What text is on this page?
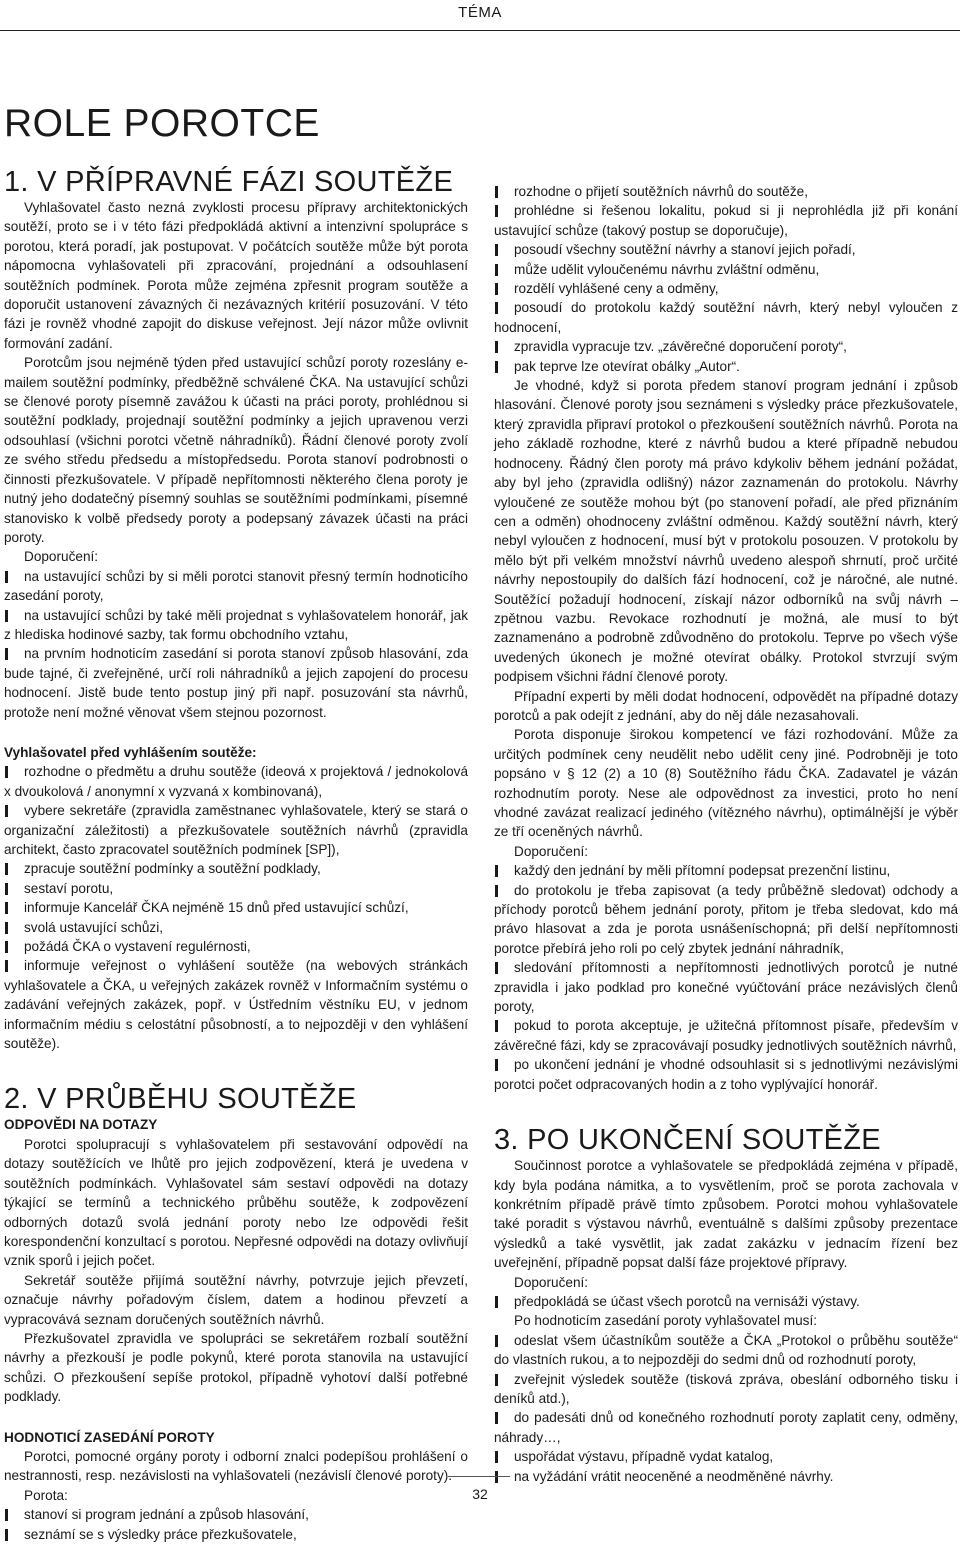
TÉMA
ROLE POROTCE
1. V PŘÍPRAVNÉ FÁZI SOUTĚŽE

Vyhlašovatel často nezná zvyklosti procesu přípravy architektonických soutěží, proto se i v této fázi předpokládá aktivní a intenzivní spolupráce s porotou, která poradí, jak postupovat. V počátcích soutěže může být porota nápomocna vyhlašovateli při zpracování, projednání a odsouhlasení soutěžních podmínek. Porota může zejména zpřesnit program soutěže a doporučit ustanovení závazných či nezávazných kritérií posuzování. V této fázi je rovněž vhodné zapojit do diskuse veřejnost. Její názor může ovlivnit formování zadání.

Porotcům jsou nejméně týden před ustavující schůzí poroty rozeslány e-mailem soutěžní podmínky, předběžně schválené ČKA. Na ustavující schůzi se členové poroty písemně zavážou k účasti na práci poroty, prohlédnou si soutěžní podklady, projednají soutěžní podmínky a jejich upravenou verzi odsouhlasí (všichni porotci včetně náhradníků). Řádní členové poroty zvolí ze svého středu předsedu a místopředsedu. Porota stanoví podrobnosti o činnosti přezkušovatele. V případě nepřítomnosti některého člena poroty je nutný jeho dodatečný písemný souhlas se soutěžními podmínkami, písemné stanovisko k volbě předsedy poroty a podepsaný závazek účasti na práci poroty.

Doporučení:

na ustavující schůzi by si měli porotci stanovit přesný termín hodnoticího zasedání poroty,
na ustavující schůzi by také měli projednat s vyhlašovatelem honorář, jak z hlediska hodinové sazby, tak formu obchodního vztahu,
na prvním hodnoticím zasedání si porota stanoví způsob hlasování, zda bude tajné, či zveřejněné, určí roli náhradníků a jejich zapojení do procesu hodnocení. Jistě bude tento postup jiný při např. posuzování sta návrhů, protože není možné věnovat všem stejnou pozornost.

Vyhlašovatel před vyhlášením soutěže:

rozhodne o předmětu a druhu soutěže (ideová x projektová / jednokolová x dvoukolová / anonymní x vyzvaná x kombinovaná),
vybere sekretáře (zpravidla zaměstnanec vyhlašovatele, který se stará o organizační záležitosti) a přezkušovatele soutěžních návrhů (zpravidla architekt, často zpracovatel soutěžních podmínek [SP]),
zpracuje soutěžní podmínky a soutěžní podklady,
sestaví porotu,
informuje Kancelář ČKA nejméně 15 dnů před ustavující schůzí,
svolá ustavující schůzi,
požádá ČKA o vystavení regulérnosti,
informuje veřejnost o vyhlášení soutěže (na webových stránkách vyhlašovatele a ČKA, u veřejných zakázek rovněž v Informačním systému o zadávání veřejných zakázek, popř. v Ústředním věstníku EU, v jednom informačním médiu s celostátní působností, a to nejpozději v den vyhlášení soutěže).
2. V PRŮBĚHU SOUTĚŽE

ODPOVĚDI NA DOTAZY

Porotci spolupracují s vyhlašovatelem při sestavování odpovědí na dotazy soutěžících ve lhůtě pro jejich zodpovězení, která je uvedena v soutěžních podmínkách. Vyhlašovatel sám sestaví odpovědi na dotazy týkající se termínů a technického průběhu soutěže, k zodpovězení odborných dotazů svolá jednání poroty nebo lze odpovědi řešit korespondenční konzultací s porotou. Nepřesné odpovědi na dotazy ovlivňují vznik sporů i jejich počet.

Sekretář soutěže přijímá soutěžní návrhy, potvrzuje jejich převzetí, označuje návrhy pořadovým číslem, datem a hodinou převzetí a vypracovává seznam doručených soutěžních návrhů.

Přezkušovatel zpravidla ve spolupráci se sekretářem rozbalí soutěžní návrhy a přezkouší je podle pokynů, které porota stanovila na ustavující schůzi. O přezkoušení sepíše protokol, případně vyhotoví další potřebné podklady.

HODNOTICÍ ZASEDÁNÍ POROTY

Porotci, pomocné orgány poroty i odborní znalci podepíšou prohlášení o nestrannosti, resp. nezávislosti na vyhlašovateli (nezávislí členové poroty).

Porota:

stanoví si program jednání a způsob hlasování,
seznámí se s výsledky práce přezkušovatele,
rozhodne o přijetí soutěžních návrhů do soutěže,
prohlédne si řešenou lokalitu, pokud si ji neprohlédla již při konání ustavující schůze (takový postup se doporučuje),
posoudí všechny soutěžní návrhy a stanoví jejich pořadí,
může udělit vyloučenému návrhu zvláštní odměnu,
rozdělí vyhlášené ceny a odměny,
posoudí do protokolu každý soutěžní návrh, který nebyl vyloučen z hodnocení,
zpravidla vypracuje tzv. „závěrečné doporučení poroty“,
pak teprve lze otevírat obálky „Autor“.

Je vhodné, když si porota předem stanoví program jednání i způsob hlasování. Členové poroty jsou seznámeni s výsledky práce přezkušovatele, který zpravidla připraví protokol o přezkoušení soutěžních návrhů. Porota na jeho základě rozhodne, které z návrhů budou a které případně nebudou hodnoceny. Řádný člen poroty má právo kdykoliv během jednání požádat, aby byl jeho (zpravidla odlišný) názor zaznamenán do protokolu. Návrhy vyloučené ze soutěže mohou být (po stanovení pořadí, ale před přiznáním cen a odměn) ohodnoceny zvláštní odměnou. Každý soutěžní návrh, který nebyl vyloučen z hodnocení, musí být v protokolu posouzen. V protokolu by mělo být při velkém množství návrhů uvedeno alespoň shrnutí, proč určité návrhy nepostoupily do dalších fází hodnocení, což je náročné, ale nutné. Soutěžící požadují hodnocení, získají názor odborníků na svůj návrh – zpětnou vazbu. Revokace rozhodnutí je možná, ale musí to být zaznamenáno a podrobně zdůvodněno do protokolu. Teprve po všech výše uvedených úkonech je možné otevírat obálky. Protokol stvrzují svým podpisem všichni řádní členové poroty.

Případní experti by měli dodat hodnocení, odpovědět na případné dotazy porotců a pak odejít z jednání, aby do něj dále nezasahovali.

Porota disponuje širokou kompetencí ve fázi rozhodování. Může za určitých podmínek ceny neudělit nebo udělit ceny jiné. Podrobněji je toto popsáno v § 12 (2) a 10 (8) Soutěžního řádu ČKA. Zadavatel je vázán rozhodnutím poroty. Nese ale odpovědnost za investici, proto ho není vhodné zavázat realizací jediného (vítězného návrhu), optimálnější je výběr ze tří oceněných návrhů.

Doporučení:

každý den jednání by měli přítomní podepsat prezenční listinu,
do protokolu je třeba zapisovat (a tedy průběžně sledovat) odchody a příchody porotců během jednání poroty, přitom je třeba sledovat, kdo má právo hlasovat a zda je porota usnášeníschopná; při delší nepřítomnosti porotce přebírá jeho roli po celý zbytek jednání náhradník,
sledování přítomnosti a nepřítomnosti jednotlivých porotců je nutné zpravidla i jako podklad pro konečné vyúčtování práce nezávislých členů poroty,
pokud to porota akceptuje, je užitečná přítomnost písaře, především v závěrečné fázi, kdy se zpracovávají posudky jednotlivých soutěžních návrhů,
po ukončení jednání je vhodné odsouhlasit si s jednotlivými nezávislými porotci počet odpracovaných hodin a z toho vyplývající honorář.
3. PO UKONČENÍ SOUTĚŽE

Součinnost porotce a vyhlašovatele se předpokládá zejména v případě, kdy byla podána námitka, a to vysvětlením, proč se porota zachovala v konkrétním případě právě tímto způsobem. Porotci mohou vyhlašovatele také poradit s výstavou návrhů, eventuálně s dalšími způsoby prezentace výsledků a také vysvětlit, jak zadat zakázku v jednacím řízení bez uveřejnění, případně popsat další fáze projektové přípravy.

Doporučení:

předpokládá se účast všech porotců na vernisáži výstavy.

Po hodnoticím zasedání poroty vyhlašovatel musí:

odeslat všem účastníkům soutěže a ČKA „Protokol o průběhu soutěže“ do vlastních rukou, a to nejpozději do sedmi dnů od rozhodnutí poroty,
zveřejnit výsledek soutěže (tisková zpráva, obeslání odborného tisku i deníků atd.),
do padesáti dnů od konečného rozhodnutí poroty zaplatit ceny, odměny, náhrady…,
uspořádat výstavu, případně vydat katalog,
na vyžádání vrátit neoceněné a neodměněné návrhy.
32
